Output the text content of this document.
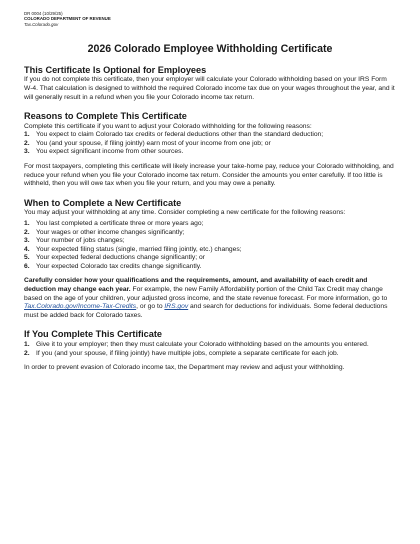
DR 0004 (10/29/25)
COLORADO DEPARTMENT OF REVENUE
Tax.Colorado.gov
2026 Colorado Employee Withholding Certificate
This Certificate Is Optional for Employees

If you do not complete this certificate, then your employer will calculate your Colorado withholding based on your IRS Form W-4. That calculation is designed to withhold the required Colorado income tax due on your wages throughout the year, and it will generally result in a refund when you file your Colorado income tax return.

Reasons to Complete This Certificate

Complete this certificate if you want to adjust your Colorado withholding for the following reasons:

1. You expect to claim Colorado tax credits or federal deductions other than the standard deduction;
2. You (and your spouse, if filing jointly) earn most of your income from one job; or
3. You expect significant income from other sources.

For most taxpayers, completing this certificate will likely increase your take-home pay, reduce your Colorado withholding, and reduce your refund when you file your Colorado income tax return. Consider the amounts you enter carefully. If too little is withheld, then you will owe tax when you file your return, and you may owe a penalty.

When to Complete a New Certificate

You may adjust your withholding at any time. Consider completing a new certificate for the following reasons:

1. You last completed a certificate three or more years ago;
2. Your wages or other income changes significantly;
3. Your number of jobs changes;
4. Your expected filing status (single, married filing jointly, etc.) changes;
5. Your expected federal deductions change significantly; or
6. Your expected Colorado tax credits change significantly.

Carefully consider how your qualifications and the requirements, amount, and availability of each credit and deduction may change each year. For example, the new Family Affordability portion of the Child Tax Credit may change based on the age of your children, your adjusted gross income, and the state revenue forecast. For more information, go to Tax.Colorado.gov/Income-Tax-Credits, or go to IRS.gov and search for deductions for individuals. Some federal deductions must be added back for Colorado taxes.

If You Complete This Certificate
1. Give it to your employer; then they must calculate your Colorado withholding based on the amounts you entered.
2. If you (and your spouse, if filing jointly) have multiple jobs, complete a separate certificate for each job.

In order to prevent evasion of Colorado income tax, the Department may review and adjust your withholding.
